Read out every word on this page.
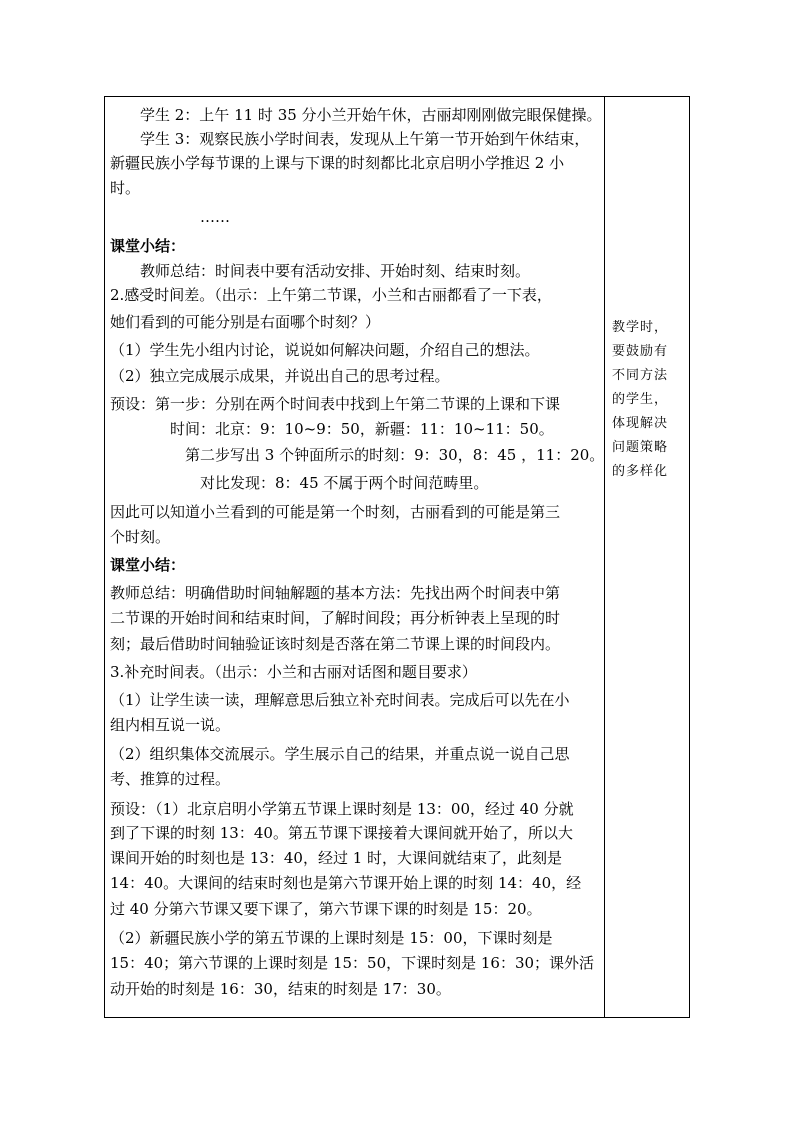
学生 2：上午 11 时 35 分小兰开始午休，古丽却刚刚做完眼保健操。
学生 3：观察民族小学时间表，发现从上午第一节开始到午休结束，
新疆民族小学每节课的上课与下课的时刻都比北京启明小学推迟 2 小
时。
……
课堂小结：
教师总结：时间表中要有活动安排、开始时刻、结束时刻。
2.感受时间差。（出示：上午第二节课，小兰和古丽都看了一下表，
她们看到的可能分别是右面哪个时刻？）
（1）学生先小组内讨论，说说如何解决问题，介绍自己的想法。
（2）独立完成展示成果，并说出自己的思考过程。
预设：第一步：分别在两个时间表中找到上午第二节课的上课和下课
时间：北京：9：10~9：50，新疆：11：10~11：50。
第二步写出 3 个钟面所示的时刻：9：30，8：45 ，11：20。
对比发现：8：45 不属于两个时间范畴里。
因此可以知道小兰看到的可能是第一个时刻，古丽看到的可能是第三
个时刻。
课堂小结：
教师总结：明确借助时间轴解题的基本方法：先找出两个时间表中第
二节课的开始时间和结束时间，了解时间段；再分析钟表上呈现的时
刻；最后借助时间轴验证该时刻是否落在第二节课上课的时间段内。
3.补充时间表。（出示：小兰和古丽对话图和题目要求）
（1）让学生读一读，理解意思后独立补充时间表。完成后可以先在小
组内相互说一说。
（2）组织集体交流展示。学生展示自己的结果，并重点说一说自己思
考、推算的过程。
预设：（1）北京启明小学第五节课上课时刻是 13：00，经过 40 分就
到了下课的时刻 13：40。第五节课下课接着大课间就开始了，所以大
课间开始的时刻也是 13：40，经过 1 时，大课间就结束了，此刻是
14：40。大课间的结束时刻也是第六节课开始上课的时刻 14：40，经
过 40 分第六节课又要下课了，第六节课下课的时刻是 15：20。
（2）新疆民族小学的第五节课的上课时刻是 15：00，下课时刻是
15：40；第六节课的上课时刻是 15：50，下课时刻是 16：30；课外活
动开始的时刻是 16：30，结束的时刻是 17：30。
教学时，
要鼓励有
不同方法
的学生，
体现解决
问题策略
的多样化
